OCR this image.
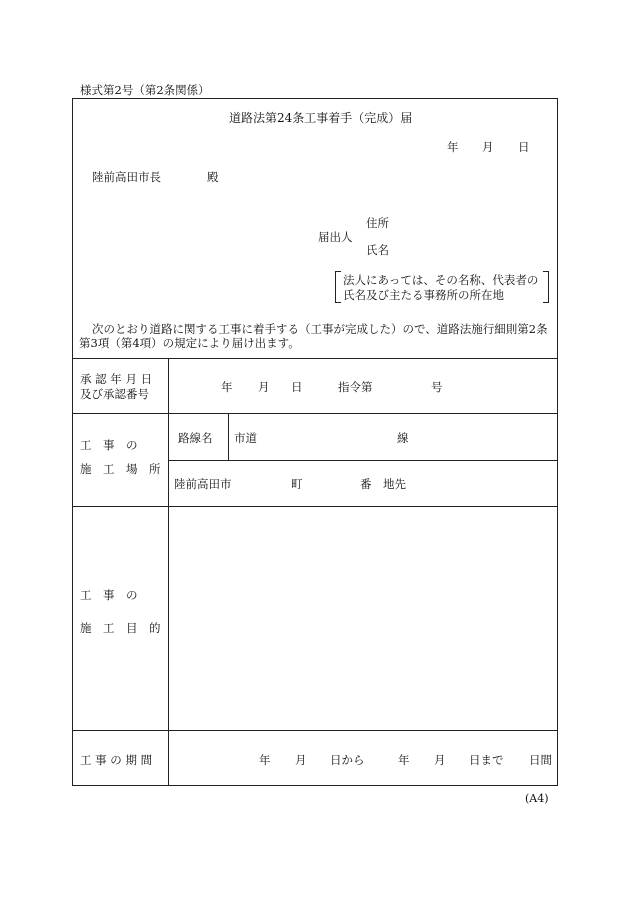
様式第2号（第2条関係）
道路法第24条工事着手（完成）届
年 月 日
陸前高田市長	殿
住所
届出人
氏名
法人にあっては、その名称、代表者の
氏名及び主たる事務所の所在地
次のとおり道路に関する工事に着手する（工事が完成した）ので、道路法施行細則第2条
第3項（第4項）の規定により届け出ます。
承 認 年 月 日
及び承認番号	年 月 日	指令第	号
工　事　の
施　工　場　所
路線名 市道	線
陸前高田市	町	番　地先
工　事　の
施　工　目　的
工 事 の 期 間	年 月 日から	年 月 日まで 日間
(A4)
